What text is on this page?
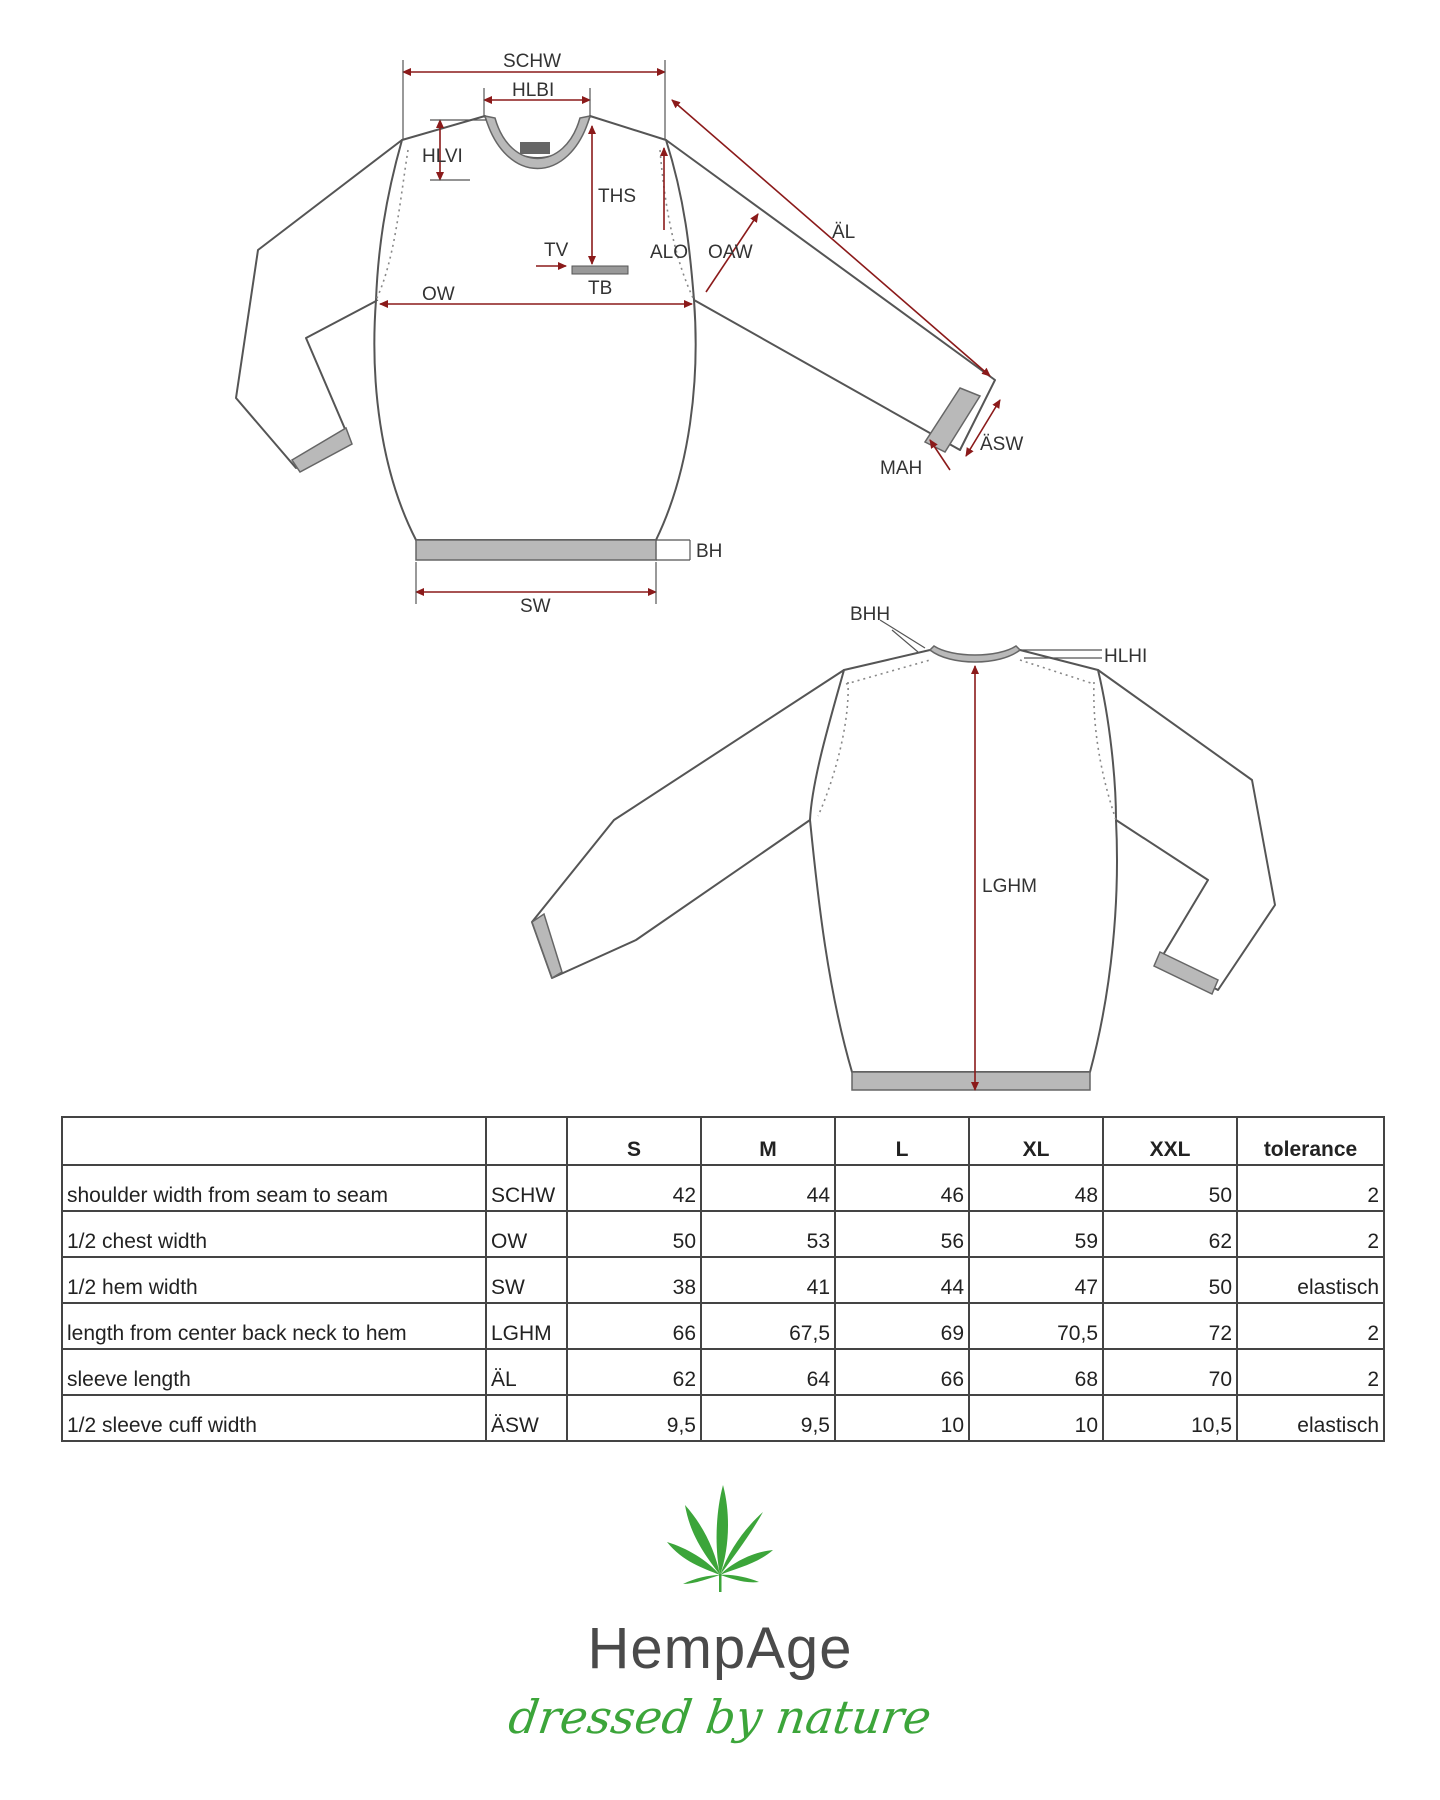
SCHW
HLBI
HLVI
THS
TV
TB
ALO OAW
ÄL
OW
MAH
ÄSW
BH
SW	BHH
HLHI
LGHM
		S	M	L	XL	XXL	tolerance
shoulder width from seam to seam	SCHW	42	44	46	48	50	2
1/2 chest width	OW	50	53	56	59	62	2
1/2 hem width	SW	38	41	44	47	50	elastisch
length from center back neck to hem	LGHM	66	67,5	69	70,5	72	2
sleeve length	ÄL	62	64	66	68	70	2
1/2 sleeve cuff width	ÄSW	9,5	9,5	10	10	10,5	elastisch
HempAge
dressed by nature
